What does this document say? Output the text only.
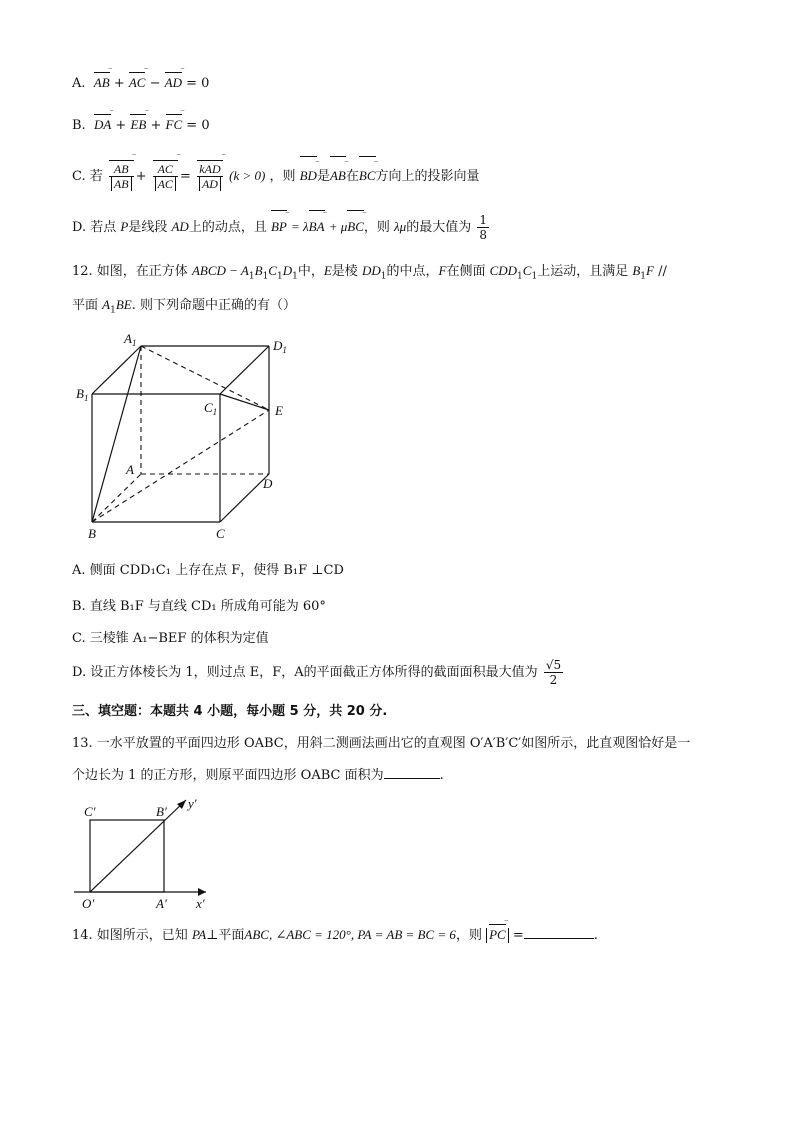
A. AB ‾ + AC ‾ − AD ‾ = 0
B. DA ‾ + EB ‾ + FC ‾ = 0
C. 若 $\frac{AB ‾}{AB} + \frac{AC ‾}{AC} = \frac{\text{kAD ‾}}{AD} (k > 0)$ ，则 BD ‾是AB ‾在BC ‾方向上的投影向量
D. 若点 P是线段 AD上的动点，且 BP ‾ = λBA ‾ + μBC ‾，则 λμ的最大值为 $\frac{1}{8}$
12. 如图，在正方体 ABCD − $A_1B_1C_1D_1$中，E是棱 $DD_1$的中点，F在侧面 $CDD_1C_1$上运动，且满足 $B_1F$ //
平面 $A_1BE$. 则下列命题中正确的有（）
$A_1$	$D_1$
$B_1$
$C_1$	E
A
D
B	C
A. 侧面 CDD₁C₁ 上存在点 F，使得 B₁F ⊥CD
B. 直线 B₁F 与直线 CD₁ 所成角可能为 60°
C. 三棱锥 A₁−BEF 的体积为定值
D. 设正方体棱长为 1，则过点 E，F，A的平面截正方体所得的截面面积最大值为 $\frac{√5}{2}$
三、填空题：本题共 4 小题，每小题 5 分，共 20 分.
13. 一水平放置的平面四边形 OABC，用斜二测画法画出它的直观图 O′A′B′C′如图所示，此直观图恰好是一
个边长为 1 的正方形，则原平面四边形 OABC 面积为	.
C′	B′
y′
O′	A′ x′
14. 如图所示，已知 PA⊥平面ABC, ∠ABC = 120°, PA = AB = BC = 6，则 PC ‾ =	.
